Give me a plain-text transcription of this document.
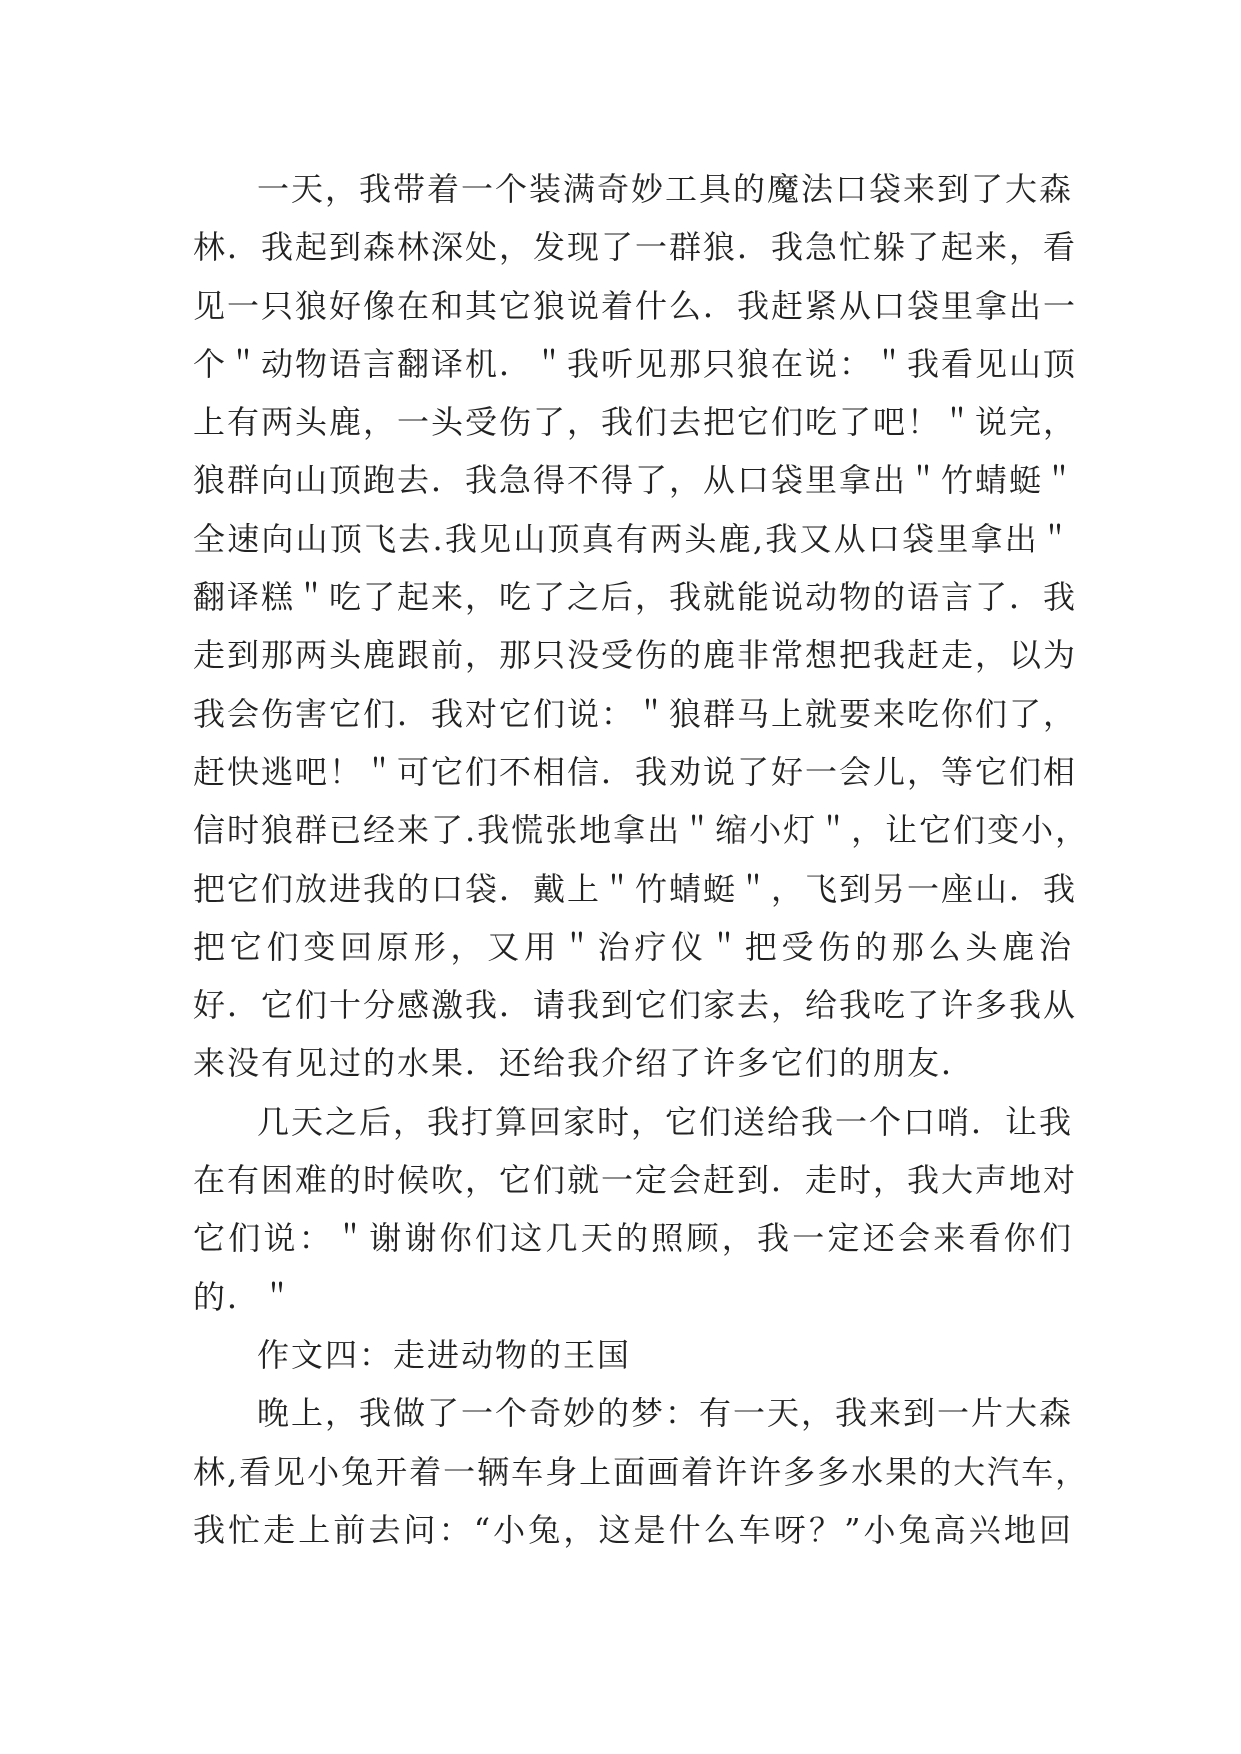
一天，我带着一个装满奇妙工具的魔法口袋来到了大森
林．我起到森林深处，发现了一群狼．我急忙躲了起来，看
见一只狼好像在和其它狼说着什么．我赶紧从口袋里拿出一
个＂动物语言翻译机．＂我听见那只狼在说：＂我看见山顶
上有两头鹿，一头受伤了，我们去把它们吃了吧！＂说完，
狼群向山顶跑去．我急得不得了，从口袋里拿出＂竹蜻蜓＂
全速向山顶飞去.我见山顶真有两头鹿,我又从口袋里拿出＂
翻译糕＂吃了起来，吃了之后，我就能说动物的语言了．我
走到那两头鹿跟前，那只没受伤的鹿非常想把我赶走，以为
我会伤害它们．我对它们说：＂狼群马上就要来吃你们了，
赶快逃吧！＂可它们不相信．我劝说了好一会儿，等它们相
信时狼群已经来了.我慌张地拿出＂缩小灯＂，让它们变小，
把它们放进我的口袋．戴上＂竹蜻蜓＂，飞到另一座山．我
把它们变回原形，又用＂治疗仪＂把受伤的那么头鹿治
好．它们十分感激我．请我到它们家去，给我吃了许多我从
来没有见过的水果．还给我介绍了许多它们的朋友．
几天之后，我打算回家时，它们送给我一个口哨．让我
在有困难的时候吹，它们就一定会赶到．走时，我大声地对
它们说：＂谢谢你们这几天的照顾，我一定还会来看你们
的．＂
作文四：走进动物的王国
晚上，我做了一个奇妙的梦：有一天，我来到一片大森
林,看见小兔开着一辆车身上面画着许许多多水果的大汽车，
我忙走上前去问：“小兔，这是什么车呀？”小兔高兴地回
